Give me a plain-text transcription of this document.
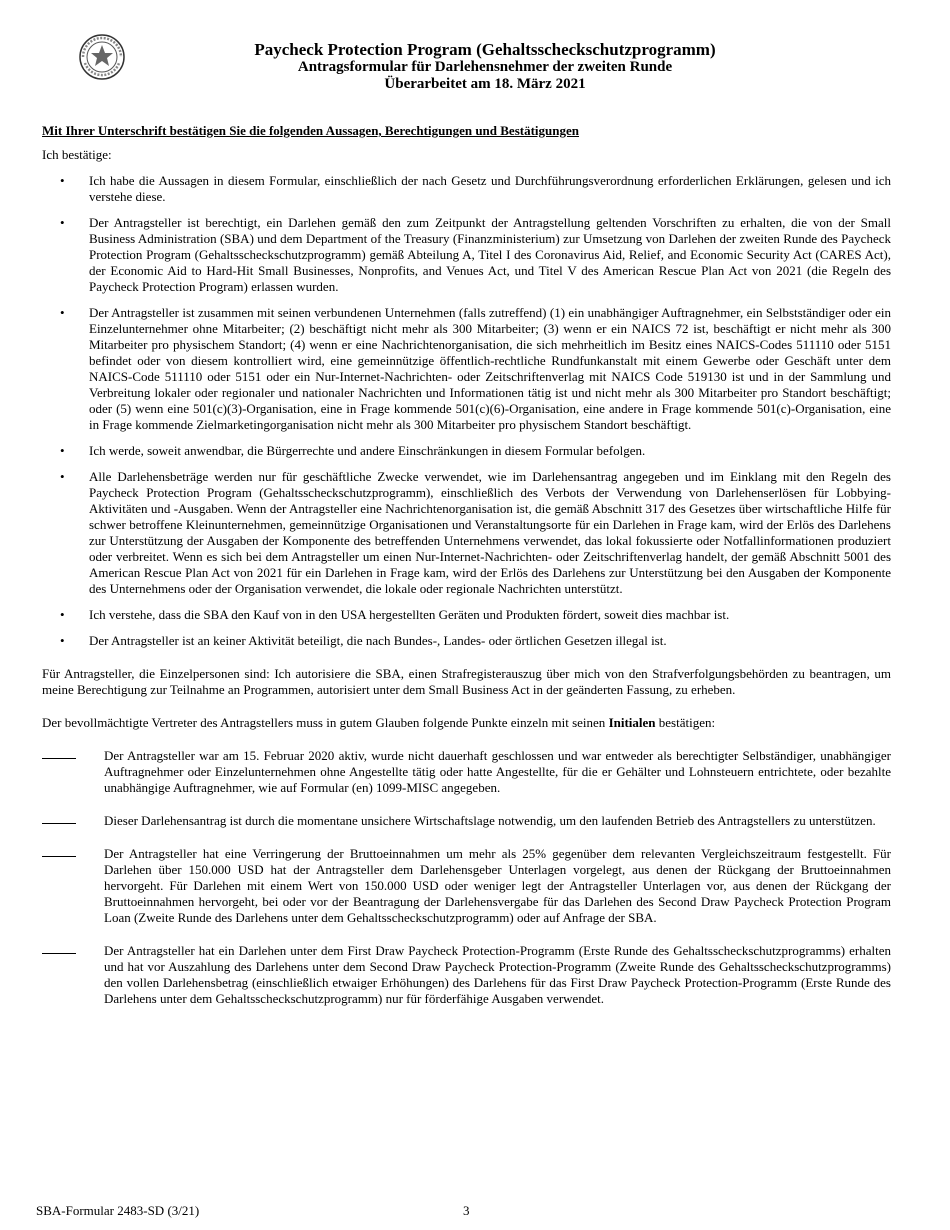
Paycheck Protection Program (Gehaltsscheckschutzprogramm)
Antragsformular für Darlehensnehmer der zweiten Runde
Überarbeitet am 18. März 2021
Mit Ihrer Unterschrift bestätigen Sie die folgenden Aussagen, Berechtigungen und Bestätigungen
Ich bestätige:
• Ich habe die Aussagen in diesem Formular, einschließlich der nach Gesetz und Durchführungsverordnung erforderlichen Erklärungen, gelesen und ich verstehe diese.
• Der Antragsteller ist berechtigt, ein Darlehen gemäß den zum Zeitpunkt der Antragstellung geltenden Vorschriften zu erhalten, die von der Small Business Administration (SBA) und dem Department of the Treasury (Finanzministerium) zur Umsetzung von Darlehen der zweiten Runde des Paycheck Protection Program (Gehaltsscheckschutzprogramm) gemäß Abteilung A, Titel I des Coronavirus Aid, Relief, and Economic Security Act (CARES Act), der Economic Aid to Hard-Hit Small Businesses, Nonprofits, and Venues Act, und Titel V des American Rescue Plan Act von 2021 (die Regeln des Paycheck Protection Program) erlassen wurden.
• Der Antragsteller ist zusammen mit seinen verbundenen Unternehmen (falls zutreffend) (1) ein unabhängiger Auftragnehmer, ein Selbstständiger oder ein Einzelunternehmer ohne Mitarbeiter; (2) beschäftigt nicht mehr als 300 Mitarbeiter; (3) wenn er ein NAICS 72 ist, beschäftigt er nicht mehr als 300 Mitarbeiter pro physischem Standort; (4) wenn er eine Nachrichtenorganisation, die sich mehrheitlich im Besitz eines NAICS-Codes 511110 oder 5151 befindet oder von diesem kontrolliert wird, eine gemeinnützige öffentlich-rechtliche Rundfunkanstalt mit einem Gewerbe oder Geschäft unter dem NAICS-Code 511110 oder 5151 oder ein Nur-Internet-Nachrichten- oder Zeitschriftenverlag mit NAICS Code 519130 ist und in der Sammlung und Verbreitung lokaler oder regionaler und nationaler Nachrichten und Informationen tätig ist und nicht mehr als 300 Mitarbeiter pro Standort beschäftigt; oder (5) wenn eine 501(c)(3)-Organisation, eine in Frage kommende 501(c)(6)-Organisation, eine andere in Frage kommende 501(c)-Organisation, eine in Frage kommende Zielmarketingorganisation nicht mehr als 300 Mitarbeiter pro physischem Standort beschäftigt.
• Ich werde, soweit anwendbar, die Bürgerrechte und andere Einschränkungen in diesem Formular befolgen.
• Alle Darlehensbeträge werden nur für geschäftliche Zwecke verwendet, wie im Darlehensantrag angegeben und im Einklang mit den Regeln des Paycheck Protection Program (Gehaltsscheckschutzprogramm), einschließlich des Verbots der Verwendung von Darlehenserlösen für Lobbying-Aktivitäten und -Ausgaben. Wenn der Antragsteller eine Nachrichtenorganisation ist, die gemäß Abschnitt 317 des Gesetzes über wirtschaftliche Hilfe für schwer betroffene Kleinunternehmen, gemeinnützige Organisationen und Veranstaltungsorte für ein Darlehen in Frage kam, wird der Erlös des Darlehens zur Unterstützung der Ausgaben der Komponente des betreffenden Unternehmens verwendet, das lokal fokussierte oder Notfallinformationen produziert oder verbreitet. Wenn es sich bei dem Antragsteller um einen Nur-Internet-Nachrichten- oder Zeitschriftenverlag handelt, der gemäß Abschnitt 5001 des American Rescue Plan Act von 2021 für ein Darlehen in Frage kam, wird der Erlös des Darlehens zur Unterstützung bei den Ausgaben der Komponente des Unternehmens oder der Organisation verwendet, die lokale oder regionale Nachrichten unterstützt.
• Ich verstehe, dass die SBA den Kauf von in den USA hergestellten Geräten und Produkten fördert, soweit dies machbar ist.
• Der Antragsteller ist an keiner Aktivität beteiligt, die nach Bundes-, Landes- oder örtlichen Gesetzen illegal ist.

Für Antragsteller, die Einzelpersonen sind: Ich autorisiere die SBA, einen Strafregisterauszug über mich von den Strafverfolgungsbehörden zu beantragen, um meine Berechtigung zur Teilnahme an Programmen, autorisiert unter dem Small Business Act in der geänderten Fassung, zu erheben.

Der bevollmächtigte Vertreter des Antragstellers muss in gutem Glauben folgende Punkte einzeln mit seinen Initialen bestätigen:

Der Antragsteller war am 15. Februar 2020 aktiv, wurde nicht dauerhaft geschlossen und war entweder als berechtigter Selbständiger, unabhängiger Auftragnehmer oder Einzelunternehmen ohne Angestellte tätig oder hatte Angestellte, für die er Gehälter und Lohnsteuern entrichtete, oder bezahlte unabhängige Auftragnehmer, wie auf Formular (en) 1099-MISC angegeben.
Dieser Darlehensantrag ist durch die momentane unsichere Wirtschaftslage notwendig, um den laufenden Betrieb des Antragstellers zu unterstützen.
Der Antragsteller hat eine Verringerung der Bruttoeinnahmen um mehr als 25% gegenüber dem relevanten Vergleichszeitraum festgestellt. Für Darlehen über 150.000 USD hat der Antragsteller dem Darlehensgeber Unterlagen vorgelegt, aus denen der Rückgang der Bruttoeinnahmen hervorgeht. Für Darlehen mit einem Wert von 150.000 USD oder weniger legt der Antragsteller Unterlagen vor, aus denen der Rückgang der Bruttoeinnahmen hervorgeht, bei oder vor der Beantragung der Darlehensvergabe für das Darlehen des Second Draw Paycheck Protection Program Loan (Zweite Runde des Darlehens unter dem Gehaltsscheckschutzprogramm) oder auf Anfrage der SBA.
Der Antragsteller hat ein Darlehen unter dem First Draw Paycheck Protection-Programm (Erste Runde des Gehaltsscheckschutzprogramms) erhalten und hat vor Auszahlung des Darlehens unter dem Second Draw Paycheck Protection-Programm (Zweite Runde des Gehaltsscheckschutzprogramms) den vollen Darlehensbetrag (einschließlich etwaiger Erhöhungen) des Darlehens für das First Draw Paycheck Protection-Programm (Erste Runde des Darlehens unter dem Gehaltsscheckschutzprogramm) nur für förderfähige Ausgaben verwendet.
SBA-Formular 2483-SD (3/21)	3
